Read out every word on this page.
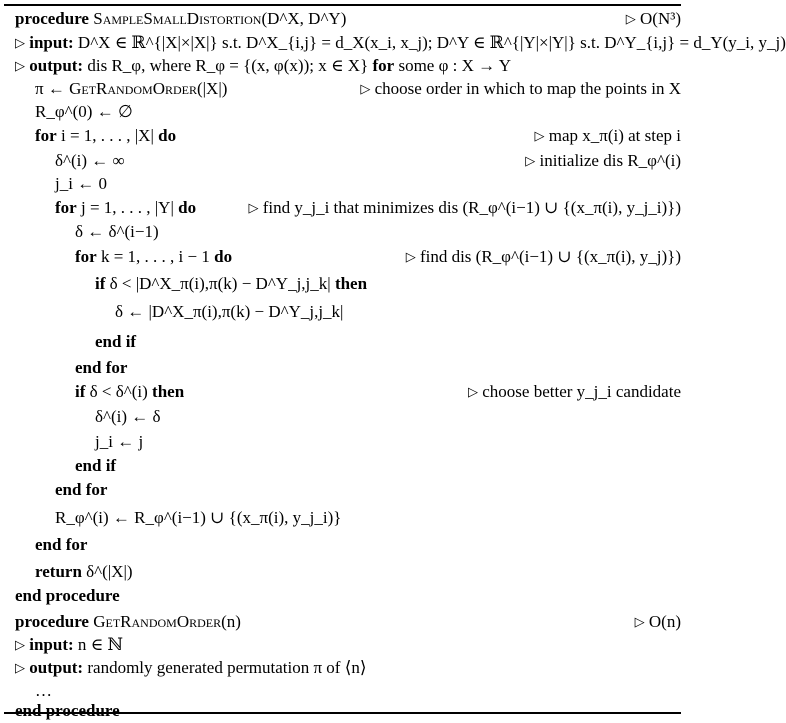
procedure SampleSmallDistortion(D^X, D^Y)	▷ O(N³)
▷ input: D^X ∈ ℝ^{|X|×|X|} s.t. D^X_{i,j} = d_X(x_i, x_j); D^Y ∈ ℝ^{|Y|×|Y|} s.t. D^Y_{i,j} = d_Y(y_i, y_j)
▷ output: dis R_φ, where R_φ = {(x, φ(x)); x ∈ X} for some φ : X → Y
π ← GetRandomOrder(|X|)	▷ choose order in which to map the points in X
R_φ^(0) ← ∅
for i = 1, . . . , |X| do	▷ map x_π(i) at step i
δ^(i) ← ∞	▷ initialize dis R_φ^(i)
j_i ← 0
for j = 1, . . . , |Y| do	▷ find y_j_i that minimizes dis (R_φ^(i−1) ∪ {(x_π(i), y_j_i)})
δ ← δ^(i−1)
for k = 1, . . . , i − 1 do	▷ find dis (R_φ^(i−1) ∪ {(x_π(i), y_j)})
if δ < |D^X_π(i),π(k) − D^Y_j,j_k| then
δ ← |D^X_π(i),π(k) − D^Y_j,j_k|
end if
end for
if δ < δ^(i) then	▷ choose better y_j_i candidate
δ^(i) ← δ
j_i ← j
end if
end for
R_φ^(i) ← R_φ^(i−1) ∪ {(x_π(i), y_j_i)}
end for
return δ^(|X|)
end procedure
procedure GetRandomOrder(n)	▷ O(n)
▷ input: n ∈ ℕ
▷ output: randomly generated permutation π of ⟨n⟩
…
end procedure
